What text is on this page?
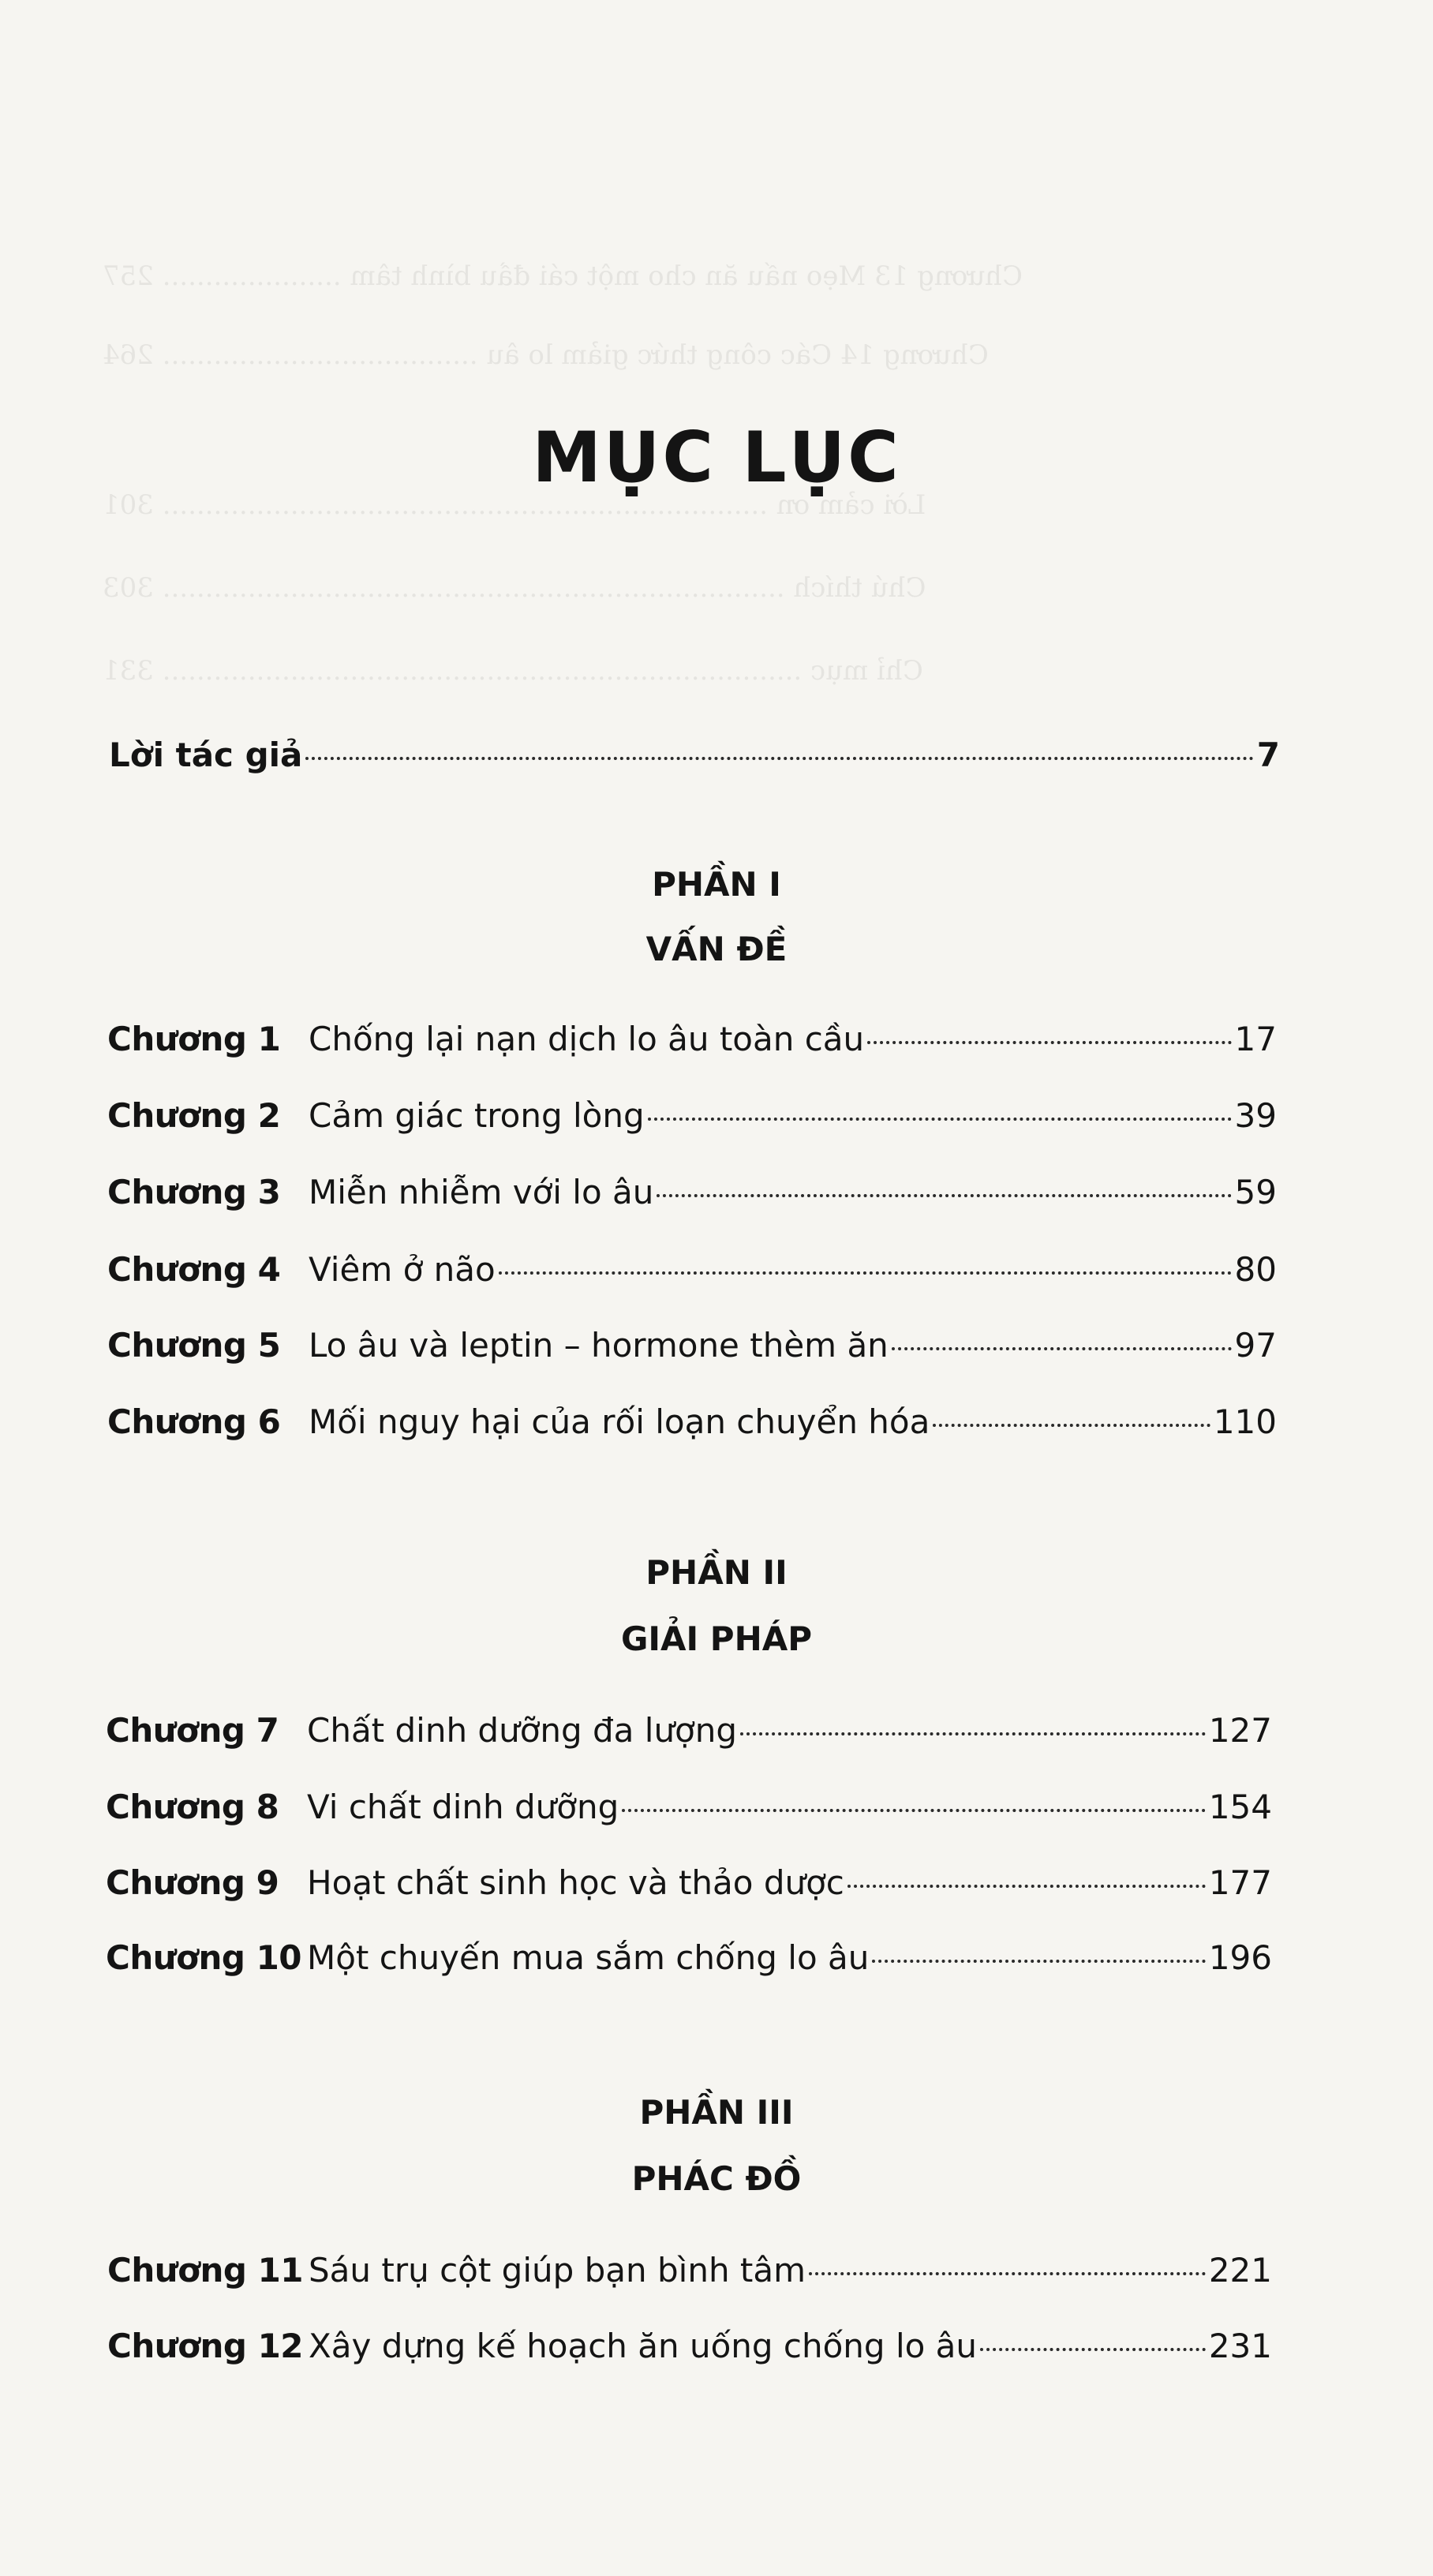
Chương 13 Mẹo nấu ăn cho một cái đầu bình tâm ..................... 257
Chương 14 Các công thức giảm lo âu ..................................... 264
Lời cảm ơn ....................................................................... 301
Chú thích ......................................................................... 303
Chỉ mục ........................................................................... 331
MỤC LỤC
Lời tác giả	7
PHẦN I
VẤN ĐỀ
Chương 1 Chống lại nạn dịch lo âu toàn cầu	17
Chương 2 Cảm giác trong lòng	39
Chương 3 Miễn nhiễm với lo âu	59
Chương 4 Viêm ở não	80
Chương 5 Lo âu và leptin – hormone thèm ăn	97
Chương 6 Mối nguy hại của rối loạn chuyển hóa	110
PHẦN II
GIẢI PHÁP
Chương 7 Chất dinh dưỡng đa lượng	127
Chương 8 Vi chất dinh dưỡng	154
Chương 9 Hoạt chất sinh học và thảo dược	177
Chương 10 Một chuyến mua sắm chống lo âu	196
PHẦN III
PHÁC ĐỒ
Chương 11 Sáu trụ cột giúp bạn bình tâm	221
Chương 12 Xây dựng kế hoạch ăn uống chống lo âu	231
